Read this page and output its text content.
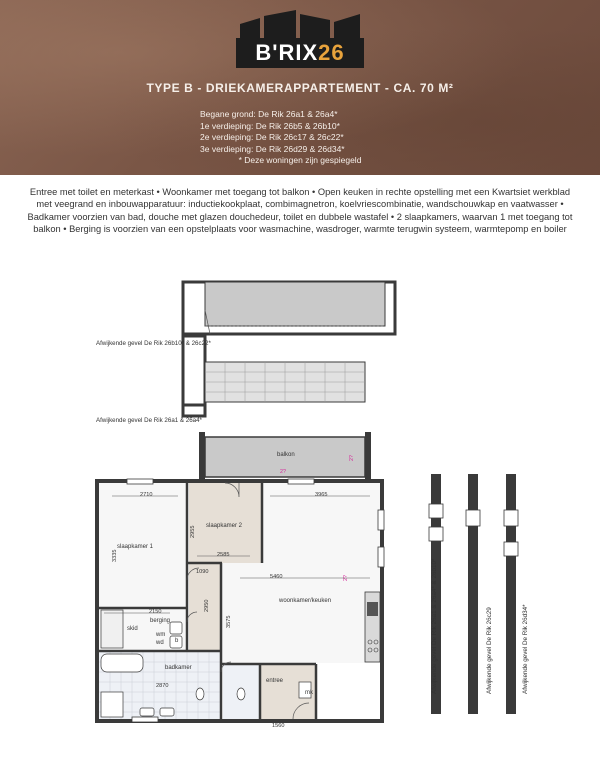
B'RIX26
TYPE B - DRIEKAMERAPPARTEMENT - CA. 70 M²
Begane grond: De Rik 26a1 & 26a4*
1e verdieping: De Rik 26b5 & 26b10*
2e verdieping: De Rik 26c17 & 26c22*
3e verdieping: De Rik 26d29 & 26d34*
* Deze woningen zijn gespiegeld
Entree met toilet en meterkast • Woonkamer met toegang tot balkon • Open keuken in rechte opstelling met een Kwartsiet werkblad met veegrand en inbouwapparatuur: inductiekookplaat, combimagnetron, koelvriescombinatie, wandschouwkap en vaatwasser • Badkamer voorzien van bad, douche met glazen douchedeur, toilet en dubbele wastafel • 2 slaapkamers, waarvan 1 met toegang tot balkon • Berging is voorzien van een opstelplaats voor wasmachine, wasdroger, warmte terugwin systeem, warmtepomp en boiler
Afwijkende gevel De Rik 26b10* & 26c22*
Afwijkende gevel De Rik 26a1 & 26a4*
Afwijkende gevel De Rik 26a1 & 26a4* & 26b10*	Afwijkende gevel De Rik 26c29	Afwijkende gevel De Rik 26d34*
balkon
slaapkamer 1
slaapkamer 2
woonkamer/keuken
berging
skid
wm
wd b
badkamer
entree
mk
2710	3965
3335
2955
2585
1090
5460
2150	2950
3575
2870
1560
2?
2?
2?
